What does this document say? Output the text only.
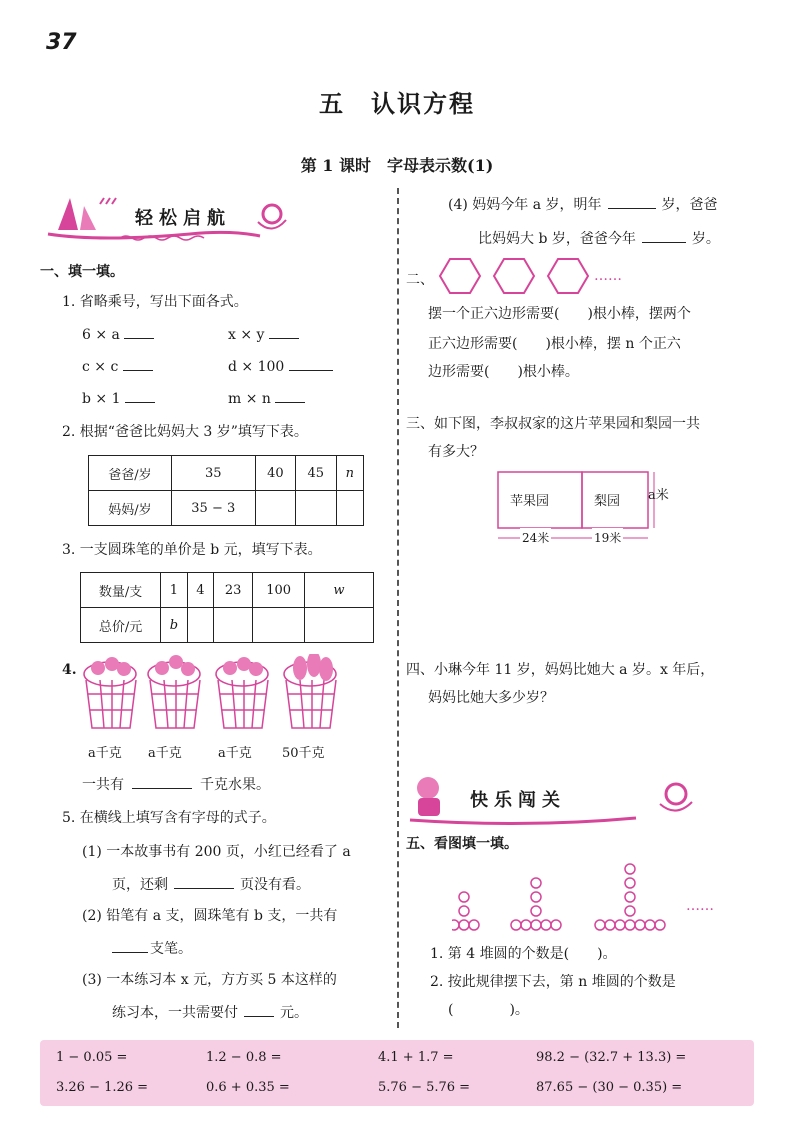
37
五　认识方程
第 1 课时　字母表示数(1)
轻松启航
一、填一填。
1. 省略乘号，写出下面各式。
6 × a	x × y
c × c	d × 100
b × 1	m × n
2. 根据“爸爸比妈妈大 3 岁”填写下表。
爸爸/岁	35	40	45	n
妈妈/岁	35 − 3			
3. 一支圆珠笔的单价是 b 元，填写下表。
数量/支	1	4	23	100	w
总价/元	b				
4.
a千克 a千克	a千克 50千克
一共有	千克水果。
5. 在横线上填写含有字母的式子。
(1) 一本故事书有 200 页，小红已经看了 a
页，还剩	页没有看。
(2) 铅笔有 a 支，圆珠笔有 b 支，一共有
支笔。
(3) 一本练习本 x 元，方方买 5 本这样的
练习本，一共需要付	元。
(4) 妈妈今年 a 岁，明年	岁，爸爸
比妈妈大 b 岁，爸爸今年	岁。
二、	……
摆一个正六边形需要(　　)根小棒，摆两个
正六边形需要(　　)根小棒，摆 n 个正六
边形需要(　　)根小棒。
三、如下图，李叔叔家的这片苹果园和梨园一共
有多大？
苹果园	梨园 a米
24米	19米
四、小琳今年 11 岁，妈妈比她大 a 岁。x 年后，
妈妈比她大多少岁？
快乐闯关
五、看图填一填。
……
1. 第 4 堆圆的个数是(　　)。
2. 按此规律摆下去，第 n 堆圆的个数是
(　　　　)。
1 − 0.05 =	1.2 − 0.8 =	4.1 + 1.7 =	98.2 − (32.7 + 13.3) =
3.26 − 1.26 =	0.6 + 0.35 =	5.76 − 5.76 =	87.65 − (30 − 0.35) =
